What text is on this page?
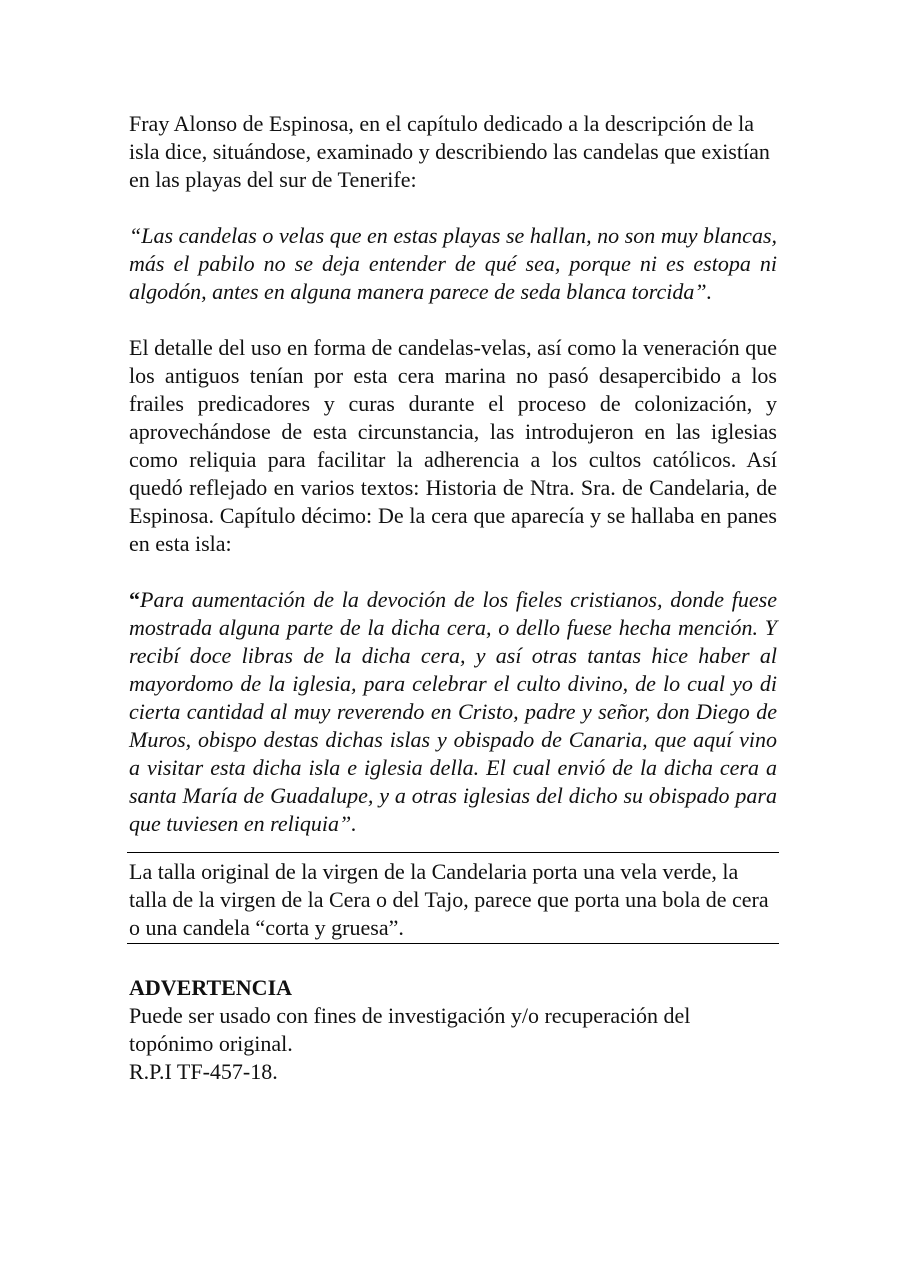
Fray Alonso de Espinosa, en el capítulo dedicado a la descripción de la isla dice, situándose, examinado y describiendo las candelas que existían en las playas del sur de Tenerife:

“Las candelas o velas que en estas playas se hallan, no son muy blancas, más el pabilo no se deja entender de qué sea, porque ni es estopa ni algodón, antes en alguna manera parece de seda blanca torcida”.

El detalle del uso en forma de candelas-velas, así como la veneración que los antiguos tenían por esta cera marina no pasó desapercibido a los frailes predicadores y curas durante el proceso de colonización, y aprovechándose de esta circunstancia, las introdujeron en las iglesias como reliquia para facilitar la adherencia a los cultos católicos. Así quedó reflejado en varios textos: Historia de Ntra. Sra. de Candelaria, de Espinosa. Capítulo décimo: De la cera que aparecía y se hallaba en panes en esta isla:

“Para aumentación de la devoción de los fieles cristianos, donde fuese mostrada alguna parte de la dicha cera, o dello fuese hecha mención. Y recibí doce libras de la dicha cera, y así otras tantas hice haber al mayordomo de la iglesia, para celebrar el culto divino, de lo cual yo di cierta cantidad al muy reverendo en Cristo, padre y señor, don Diego de Muros, obispo destas dichas islas y obispado de Canaria, que aquí vino a visitar esta dicha isla e iglesia della. El cual envió de la dicha cera a santa María de Guadalupe, y a otras iglesias del dicho su obispado para que tuviesen en reliquia”.

La talla original de la virgen de la Candelaria porta una vela verde, la talla de la virgen de la Cera o del Tajo, parece que porta una bola de cera o una candela “corta y gruesa”.

ADVERTENCIA

Puede ser usado con fines de investigación y/o recuperación del topónimo original.

R.P.I TF-457-18.
